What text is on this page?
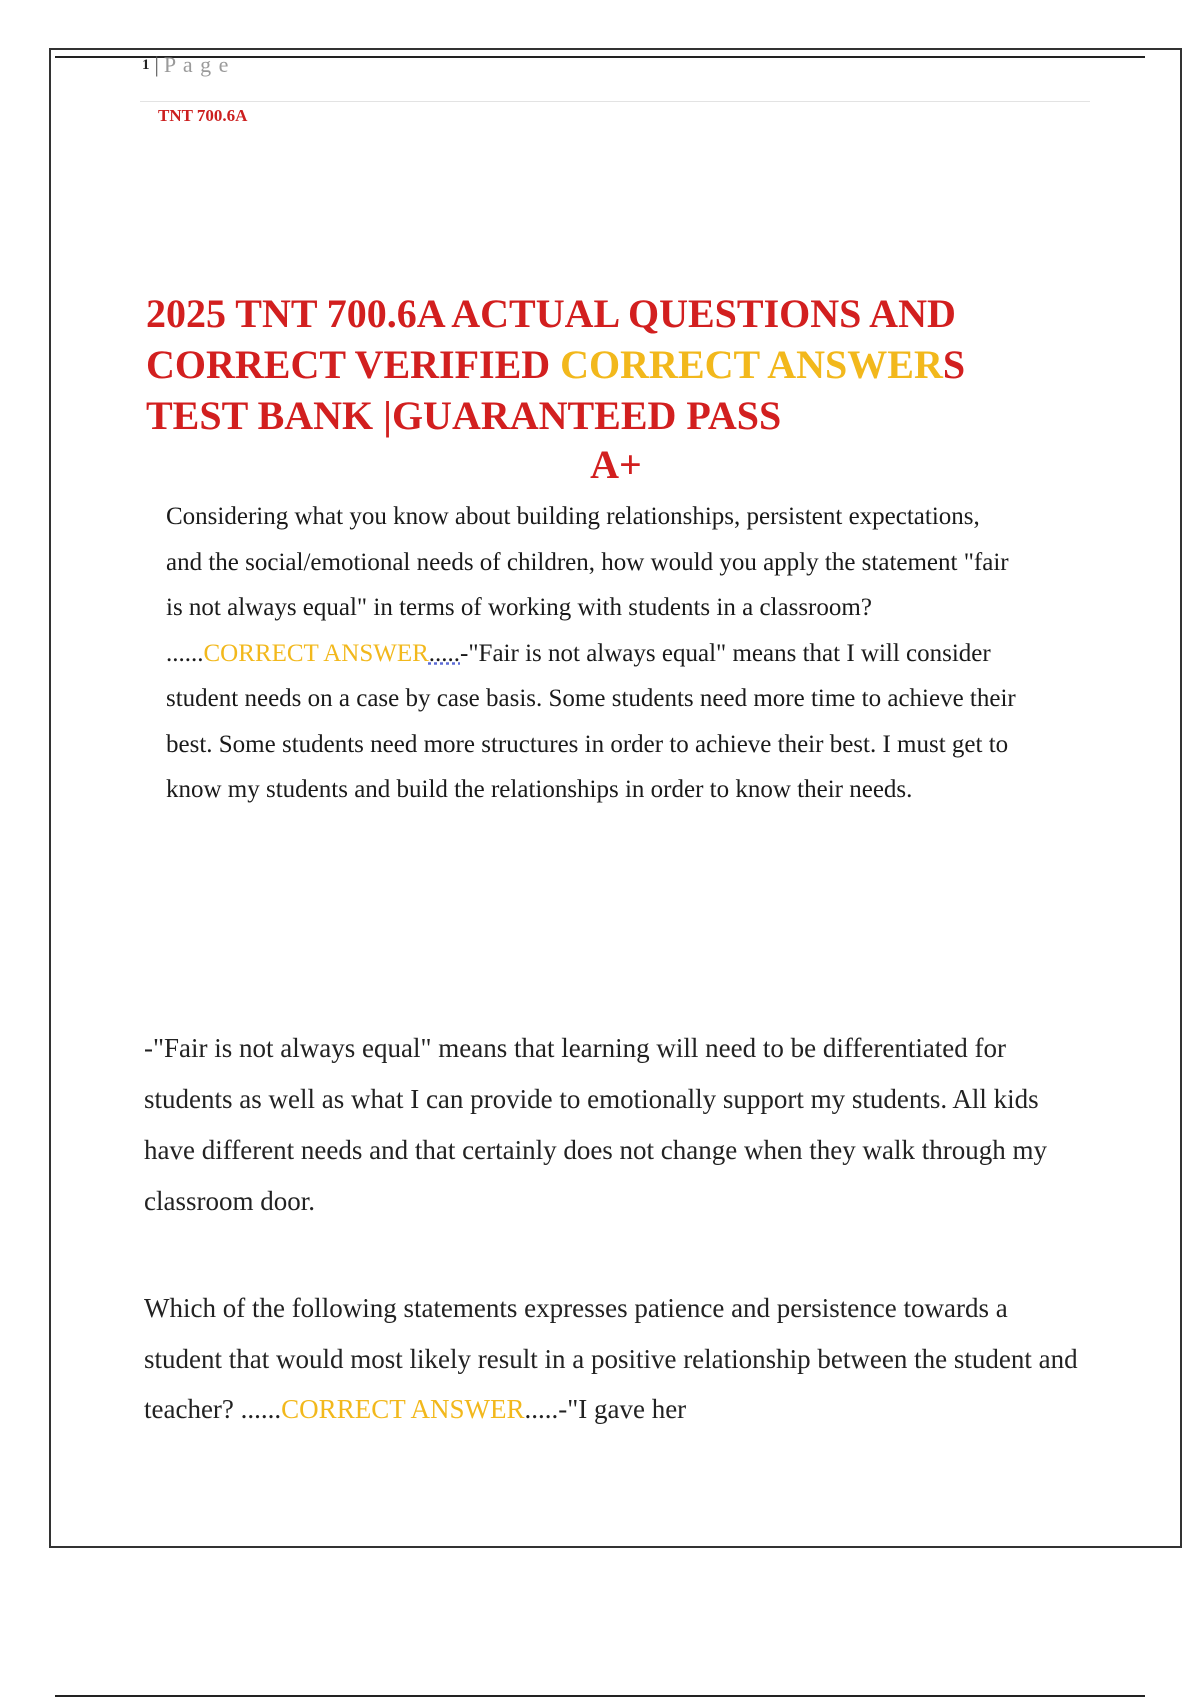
1 | P a g e
TNT 700.6A
2025 TNT 700.6A ACTUAL QUESTIONS AND
CORRECT VERIFIED CORRECT ANSWERS
TEST BANK |GUARANTEED PASS
A+

Considering what you know about building relationships, persistent expectations, and the social/emotional needs of children, how would you apply the statement "fair is not always equal" in terms of working with students in a classroom? ......CORRECT ANSWER.....-"Fair is not always equal" means that I will consider student needs on a case by case basis. Some students need more time to achieve their best. Some students need more structures in order to achieve their best. I must get to know my students and build the relationships in order to know their needs.

-"Fair is not always equal" means that learning will need to be differentiated for students as well as what I can provide to emotionally support my students. All kids have different needs and that certainly does not change when they walk through my classroom door.

Which of the following statements expresses patience and persistence towards a student that would most likely result in a positive relationship between the student and teacher? ......CORRECT ANSWER.....-"I gave her
